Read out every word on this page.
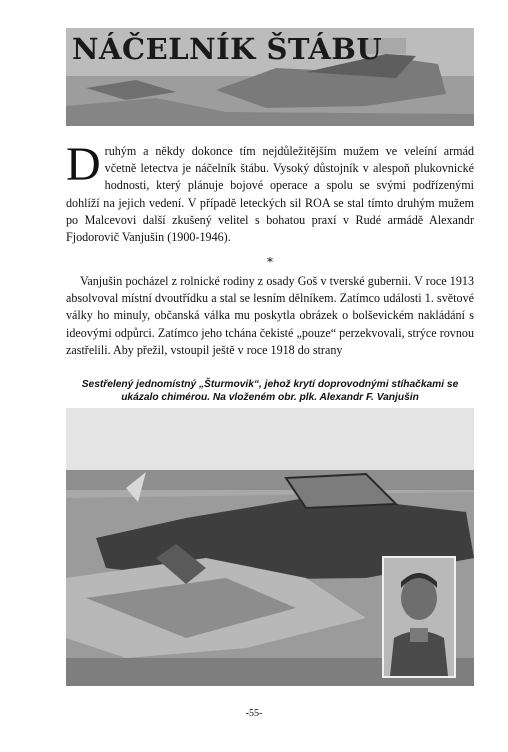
NÁČELNÍK ŠTÁBU
Druhým a někdy dokonce tím nejdůležitějším mužem ve veleíní armád včetně letectva je náčelník štábu. Vysoký důstojník v alespoň plukovnické hodnosti, který plánuje bojové operace a spolu se svými podřízenými dohlíží na jejich vedení. V případě leteckých sil ROA se stal tímto druhým mužem po Malcevovi další zkušený velitel s bohatou praxí v Rudé armádě Alexandr Fjodorovič Vanjušin (1900-1946).
*
Vanjušin pocházel z rolnické rodiny z osady Goš v tverské gubernii. V roce 1913 absolvoval místní dvoutřídku a stal se lesním dělníkem. Zatímco události 1. světové války ho minuly, občanská válka mu poskytla obrázek o bolševickém nakládání s ideovými odpůrci. Zatímco jeho tchána čekisté „pouze“ perzekvovali, strýce rovnou zastřelili. Aby přežil, vstoupil ještě v roce 1918 do strany
Sestřelený jednomístný „Šturmovik“, jehož krytí doprovodnými stíhačkami se ukázalo chimérou. Na vloženém obr. plk. Alexandr F. Vanjušin
-55-
